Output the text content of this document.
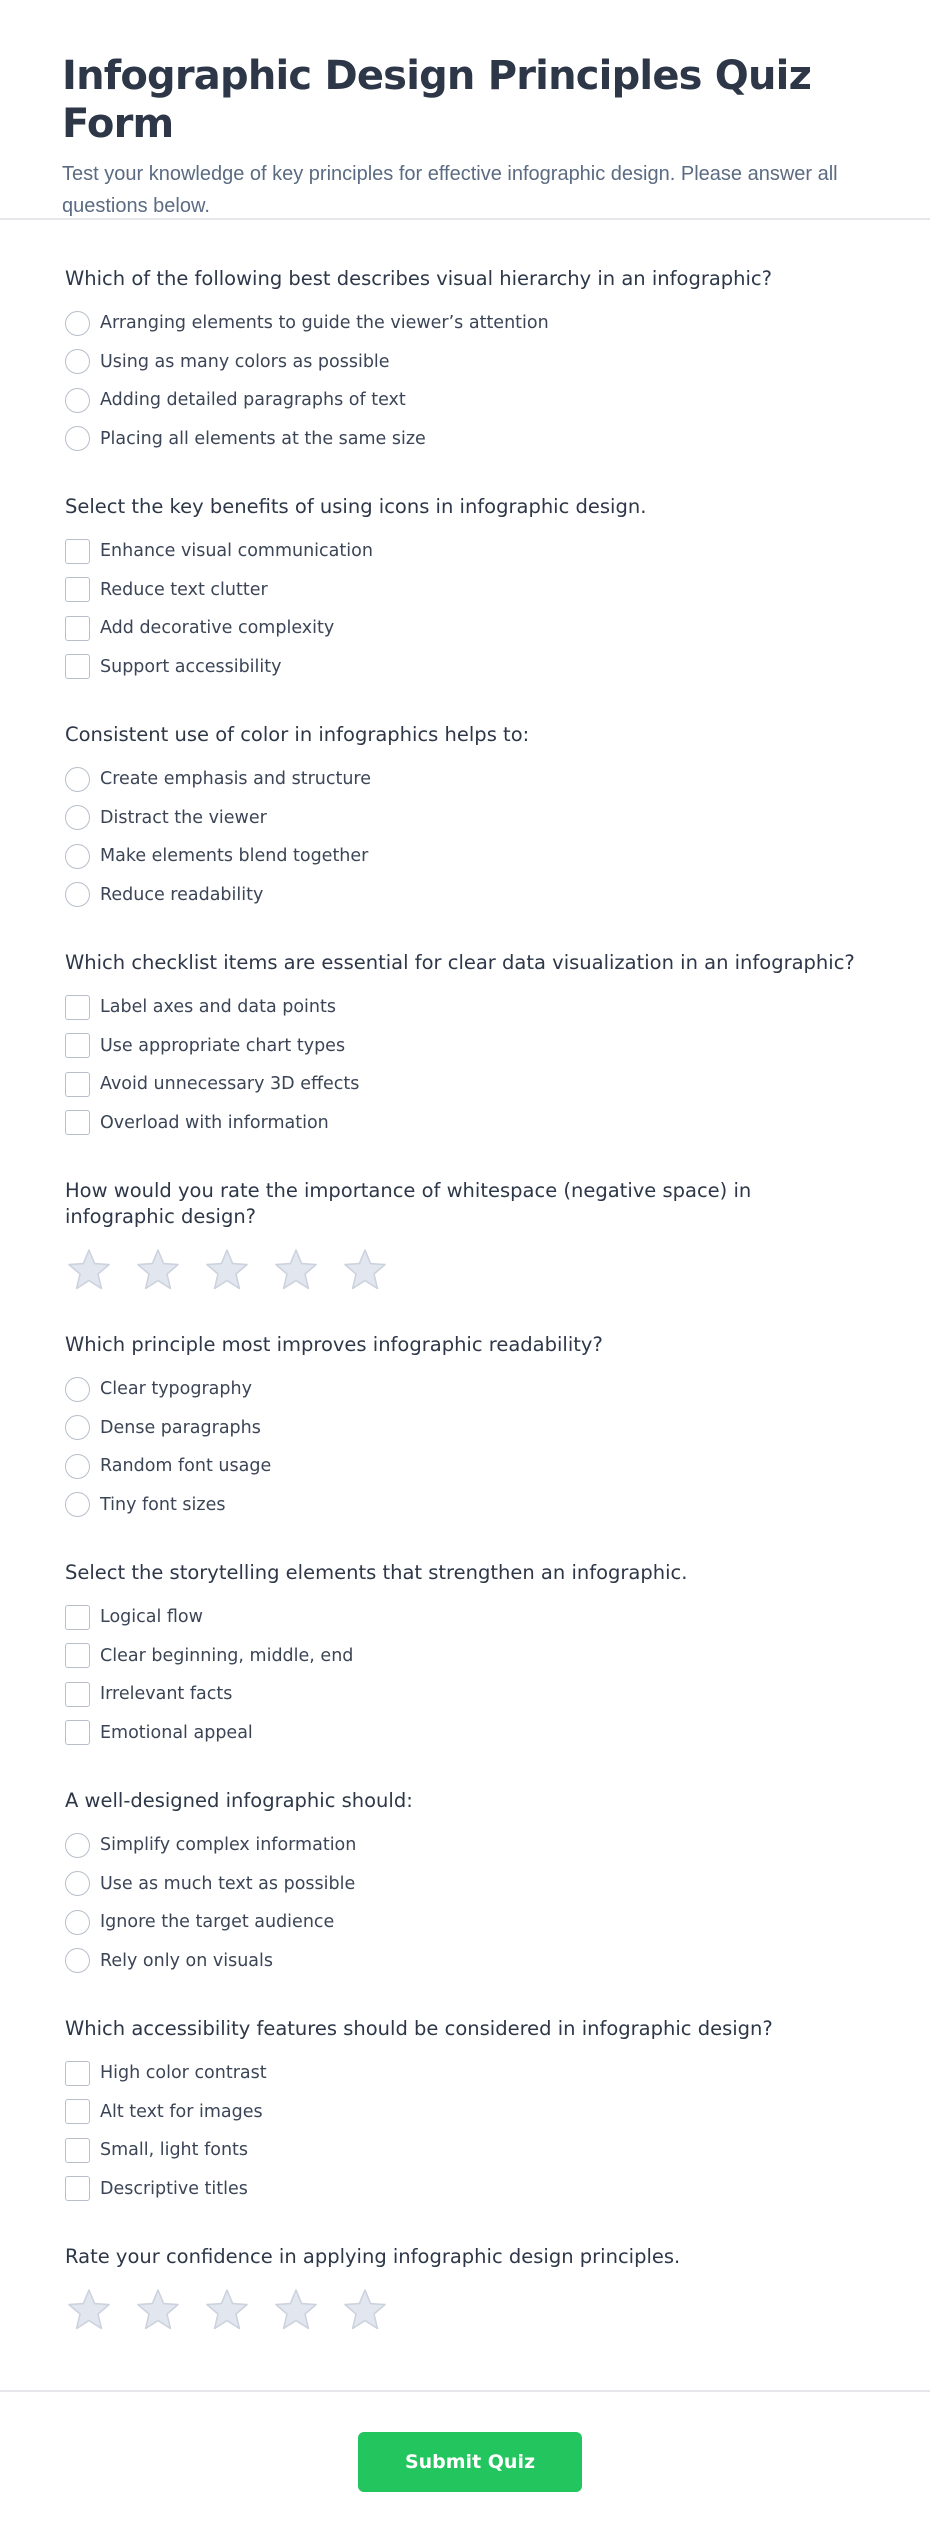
Infographic Design Principles Quiz Form

Test your knowledge of key principles for effective infographic design. Please answer all questions below.

Which of the following best describes visual hierarchy in an infographic?
Arranging elements to guide the viewer’s attention
Using as many colors as possible
Adding detailed paragraphs of text
Placing all elements at the same size
Select the key benefits of using icons in infographic design.
Enhance visual communication
Reduce text clutter
Add decorative complexity
Support accessibility
Consistent use of color in infographics helps to:
Create emphasis and structure
Distract the viewer
Make elements blend together
Reduce readability
Which checklist items are essential for clear data visualization in an infographic?
Label axes and data points
Use appropriate chart types
Avoid unnecessary 3D effects
Overload with information
How would you rate the importance of whitespace (negative space) in infographic design?
Which principle most improves infographic readability?
Clear typography
Dense paragraphs
Random font usage
Tiny font sizes
Select the storytelling elements that strengthen an infographic.
Logical flow
Clear beginning, middle, end
Irrelevant facts
Emotional appeal
A well-designed infographic should:
Simplify complex information
Use as much text as possible
Ignore the target audience
Rely only on visuals
Which accessibility features should be considered in infographic design?
High color contrast
Alt text for images
Small, light fonts
Descriptive titles
Rate your confidence in applying infographic design principles.
Submit Quiz
